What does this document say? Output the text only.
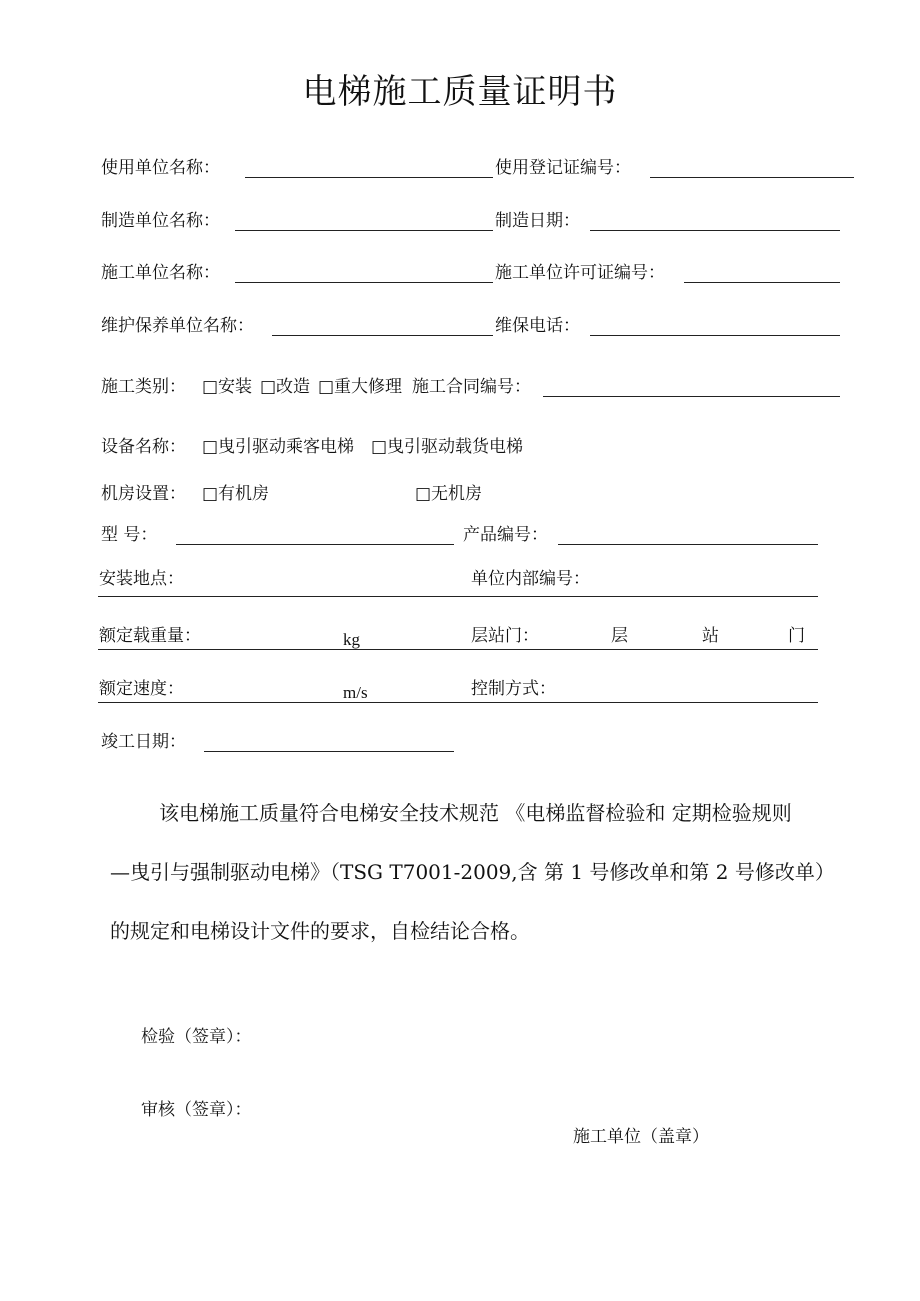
电梯施工质量证明书
使用单位名称：	使用登记证编号：
制造单位名称：	制造日期：
施工单位名称：	施工单位许可证编号：
维护保养单位名称：	维保电话：
施工类别： □安装 □改造 □重大修理 施工合同编号：
设备名称： □曳引驱动乘客电梯 □曳引驱动载货电梯
机房设置： □有机房	□无机房
型 号：	产品编号：
安装地点：	单位内部编号：
额定载重量：	kg	层站门：	层	站	门
额定速度：	m/s	控制方式：
竣工日期：
该电梯施工质量符合电梯安全技术规范 《电梯监督检验和 定期检验规则
—曳引与强制驱动电梯》（TSG T7001-2009,含 第 1 号修改单和第 2 号修改单）
的规定和电梯设计文件的要求，自检结论合格。
检验（签章）：
审核（签章）：
施工单位（盖章）
